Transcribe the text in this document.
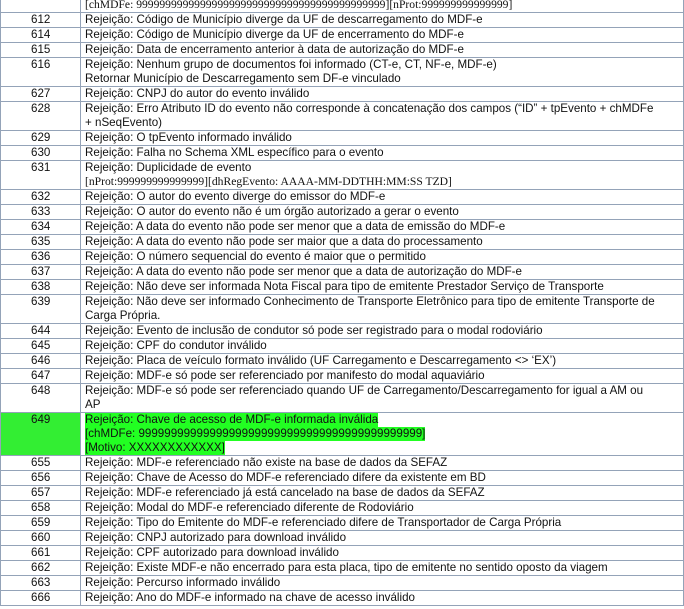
	[chMDFe: 9999999999999999999999999999999999999999999][nProt:999999999999999]

612	Rejeição: Código de Município diverge da UF de descarregamento do MDF-e

614	Rejeição: Código de Município diverge da UF de encerramento do MDF-e

615	Rejeição: Data de encerramento anterior à data de autorização do MDF-e

616	Rejeição: Nenhum grupo de documentos foi informado (CT-e, CT, NF-e, MDF-e)
Retornar Município de Descarregamento sem DF-e vinculado

627	Rejeição: CNPJ do autor do evento inválido

628	Rejeição: Erro Atributo ID do evento não corresponde à concatenação dos campos (“ID” + tpEvento + chMDFe
+ nSeqEvento)

629	Rejeição: O tpEvento informado inválido

630	Rejeição: Falha no Schema XML específico para o evento

631	Rejeição: Duplicidade de evento
[nProt:999999999999999][dhRegEvento: AAAA-MM-DDTHH:MM:SS TZD]

632	Rejeição: O autor do evento diverge do emissor do MDF-e

633	Rejeição: O autor do evento não é um órgão autorizado a gerar o evento

634	Rejeição: A data do evento não pode ser menor que a data de emissão do MDF-e

635	Rejeição: A data do evento não pode ser maior que a data do processamento

636	Rejeição: O número sequencial do evento é maior que o permitido

637	Rejeição: A data do evento não pode ser menor que a data de autorização do MDF-e

638	Rejeição: Não deve ser informada Nota Fiscal para tipo de emitente Prestador Serviço de Transporte

639	Rejeição: Não deve ser informado Conhecimento de Transporte Eletrônico para tipo de emitente Transporte de
Carga Própria.

644	Rejeição: Evento de inclusão de condutor só pode ser registrado para o modal rodoviário

645	Rejeição: CPF do condutor inválido

646	Rejeição: Placa de veículo formato inválido (UF Carregamento e Descarregamento <> ‘EX’)

647	Rejeição: MDF-e só pode ser referenciado por manifesto do modal aquaviário

648	Rejeição: MDF-e só pode ser referenciado quando UF de Carregamento/Descarregamento for igual a AM ou
AP

649	Rejeição: Chave de acesso de MDF-e informada inválida
[chMDFe: 99999999999999999999999999999999999999999999]
[Motivo: XXXXXXXXXXXX]
655	Rejeição: MDF-e referenciado não existe na base de dados da SEFAZ

656	Rejeição: Chave de Acesso do MDF-e referenciado difere da existente em BD

657	Rejeição: MDF-e referenciado já está cancelado na base de dados da SEFAZ

658	Rejeição: Modal do MDF-e referenciado diferente de Rodoviário

659	Rejeição: Tipo do Emitente do MDF-e referenciado difere de Transportador de Carga Própria

660	Rejeição: CNPJ autorizado para download inválido

661	Rejeição: CPF autorizado para download inválido

662	Rejeição: Existe MDF-e não encerrado para esta placa, tipo de emitente no sentido oposto da viagem

663	Rejeição: Percurso informado inválido

666	Rejeição: Ano do MDF-e informado na chave de acesso inválido
